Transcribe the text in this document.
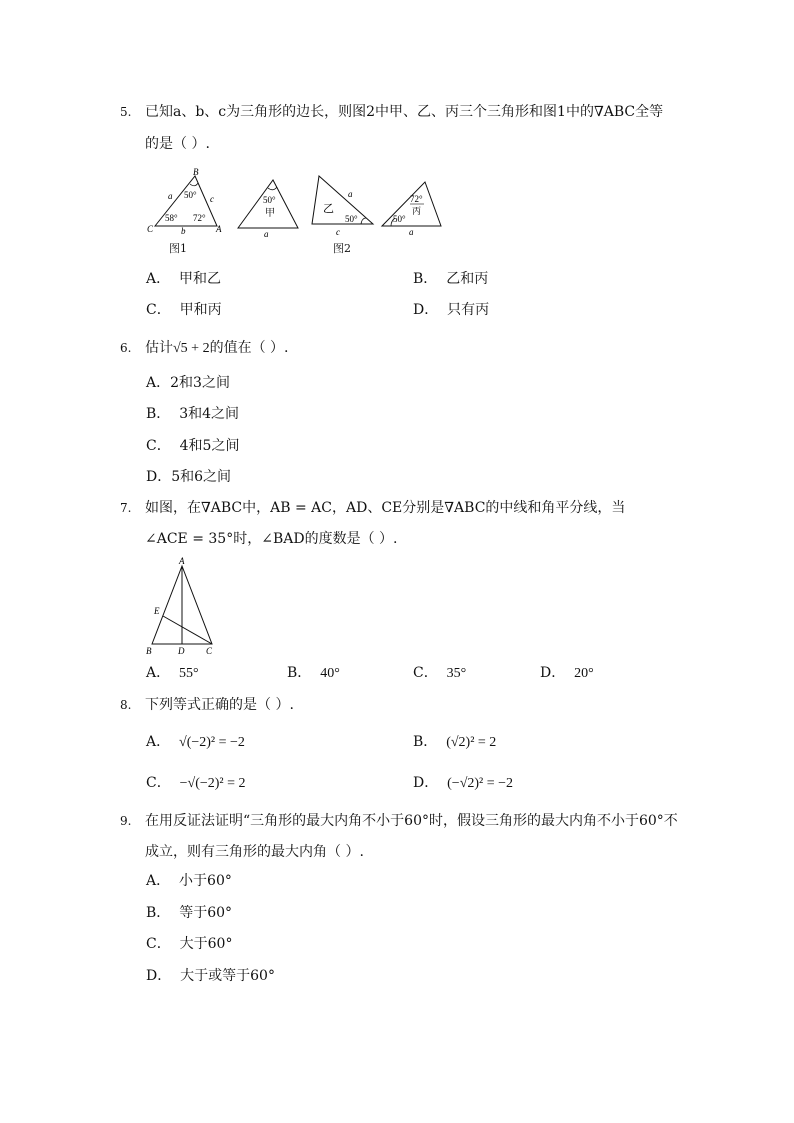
5. 已知a、b、c为三角形的边长，则图2中甲、乙、丙三个三角形和图1中的∇ABC全等
的是（ ）.
B
C	A
a
b
c
50°
58° 72°
图1
50°
甲
a
乙
50°
a
c
72°
丙
50°
a
图2
A． 甲和乙	B． 乙和丙
C． 甲和丙	D． 只有丙
6. 估计√5 + 2的值在（ ）.
A．2和3之间
B． 3和4之间
C． 4和5之间
D．5和6之间
7. 如图，在∇ABC中，AB = AC，AD、CE分别是∇ABC的中线和角平分线，当
∠ACE = 35°时，∠BAD的度数是（ ）.
A
B	C
D
E
A． 55°	B． 40°	C． 35°	D． 20°
8. 下列等式正确的是（ ）.
A． √(−2)² = −2	B． (√2)² = 2
C． −√(−2)² = 2	D． (−√2)² = −2
9. 在用反证法证明“三角形的最大内角不小于60°时，假设三角形的最大内角不小于60°不
成立，则有三角形的最大内角（ ）.
A． 小于60°
B． 等于60°
C． 大于60°
D． 大于或等于60°
